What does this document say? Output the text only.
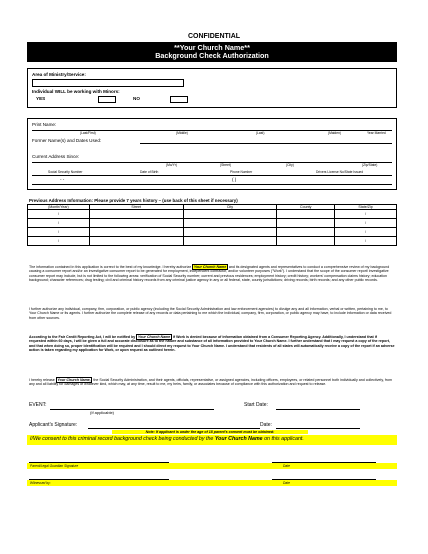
CONFIDENTIAL
**Your Church Name**
Background Check Authorization
Area of Ministry/Service:
Individual WILL be working with Minors:
YES	NO
Print Name:
(Last/First)	(Middle)	(Last)	(Maiden)	Year Married
Former Name(s) and Dates Used:
Current Address Since:
(Mo/Yr)	(Street)	(City)	(Zip/State)
Social Security Number	Date of Birth	Phone Number	Drivers License No/State Issued
- -	( )
Previous Address Information: Please provide 7 years history – (use back of this sheet if necessary)
(Month/Year)	Street	City	County	State/Zip
/				/
/				/
/				/
/				/
The information contained in this application is correct to the best of my knowledge. I hereby authorize Your Church Name and its designated agents and representatives to conduct a comprehensive review of my background causing a consumer report and/or an investigative consumer report to be generated for employment, independent contractor, and/or volunteer purposes ("Work"). I understand that the scope of the consumer report/ investigative consumer report may include, but is not limited to the following areas: verification of Social Security number; current and previous residences; employment history; credit history; workers' compensation claims history; education background; character references; drug testing; civil and criminal history records from any criminal justice agency in any or all federal, state, county jurisdictions; driving records; birth records; and any other public records.
I further authorize any individual, company, firm, corporation, or public agency (including the Social Security Administration and law enforcement agencies) to divulge any and all information, verbal or written, pertaining to me, to Your Church Name or its agents. I further authorize the complete release of any records or data pertaining to me which the individual, company, firm, corporation, or public agency may have, to include information or data received from other sources.
According to the Fair Credit Reporting Act, I will be notified by Your Church Name if Work is denied because of information obtained from a Consumer Reporting Agency. Additionally, I understand that if requested within 60 days, I will be given a full and accurate disclosure as to the nature and substance of all information provided to Your Church Name. I further understand that I may request a copy of the report, and that when doing so, proper identification will be required and I should direct my request to Your Church Name. I understand that residents of all states will automatically receive a copy of the report if an adverse action is taken regarding my application for Work, or upon request as outlined herein.
I hereby release Your Church Name, the Social Security Administration, and their agents, officials, representative, or assigned agencies, including officers, employees, or related personnel both individually and collectively, from any and all liability for damages of whatever kind, which may, at any time, result to me, my heirs, family, or associates because of compliance with this authorization and request to release.
EVENT:
(If applicable)
Start Date:
Applicant's Signature:	Date:
Note: If applicant is under the age of 18 parent's consent must be obtained:
I/We consent to this criminal record background check being conducted by the Your Church Name on this applicant.
Parent/Legal Guardian Signature	Date
Witnessed by:	Date
